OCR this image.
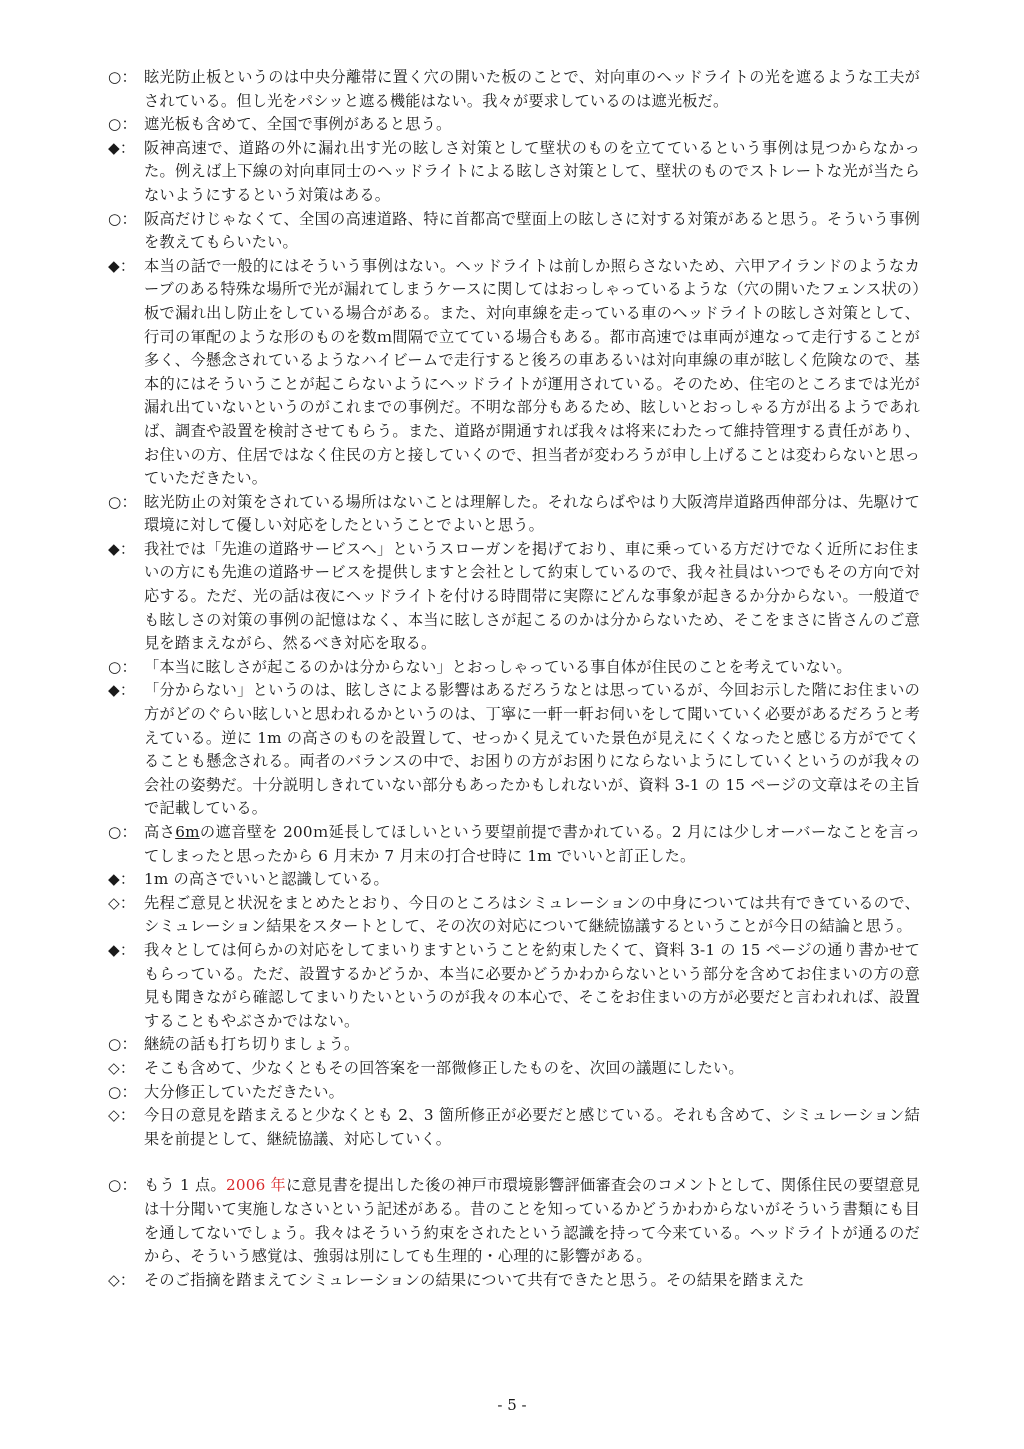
○： 眩光防止板というのは中央分離帯に置く穴の開いた板のことで、対向車のヘッドライトの光を遮るような工夫がされている。但し光をパシッと遮る機能はない。我々が要求しているのは遮光板だ。
○： 遮光板も含めて、全国で事例があると思う。
◆： 阪神高速で、道路の外に漏れ出す光の眩しさ対策として壁状のものを立てているという事例は見つからなかった。例えば上下線の対向車同士のヘッドライトによる眩しさ対策として、壁状のものでストレートな光が当たらないようにするという対策はある。
○： 阪高だけじゃなくて、全国の高速道路、特に首都高で壁面上の眩しさに対する対策があると思う。そういう事例を教えてもらいたい。
◆： 本当の話で一般的にはそういう事例はない。ヘッドライトは前しか照らさないため、六甲アイランドのようなカーブのある特殊な場所で光が漏れてしまうケースに関してはおっしゃっているような（穴の開いたフェンス状の）板で漏れ出し防止をしている場合がある。また、対向車線を走っている車のヘッドライトの眩しさ対策として、行司の軍配のような形のものを数ｍ間隔で立てている場合もある。都市高速では車両が連なって走行することが多く、今懸念されているようなハイビームで走行すると後ろの車あるいは対向車線の車が眩しく危険なので、基本的にはそういうことが起こらないようにヘッドライトが運用されている。そのため、住宅のところまでは光が漏れ出ていないというのがこれまでの事例だ。不明な部分もあるため、眩しいとおっしゃる方が出るようであれば、調査や設置を検討させてもらう。また、道路が開通すれば我々は将来にわたって維持管理する責任があり、お住いの方、住居ではなく住民の方と接していくので、担当者が変わろうが申し上げることは変わらないと思っていただきたい。
○： 眩光防止の対策をされている場所はないことは理解した。それならばやはり大阪湾岸道路西伸部分は、先駆けて環境に対して優しい対応をしたということでよいと思う。
◆： 我社では「先進の道路サービスへ」というスローガンを掲げており、車に乗っている方だけでなく近所にお住まいの方にも先進の道路サービスを提供しますと会社として約束しているので、我々社員はいつでもその方向で対応する。ただ、光の話は夜にヘッドライトを付ける時間帯に実際にどんな事象が起きるか分からない。一般道でも眩しさの対策の事例の記憶はなく、本当に眩しさが起こるのかは分からないため、そこをまさに皆さんのご意見を踏まえながら、然るべき対応を取る。
○： 「本当に眩しさが起こるのかは分からない」とおっしゃっている事自体が住民のことを考えていない。
◆： 「分からない」というのは、眩しさによる影響はあるだろうなとは思っているが、今回お示した階にお住まいの方がどのぐらい眩しいと思われるかというのは、丁寧に一軒一軒お伺いをして聞いていく必要があるだろうと考えている。逆に 1m の高さのものを設置して、せっかく見えていた景色が見えにくくなったと感じる方がでてくることも懸念される。両者のバランスの中で、お困りの方がお困りにならないようにしていくというのが我々の会社の姿勢だ。十分説明しきれていない部分もあったかもしれないが、資料 3-1 の 15 ページの文章はその主旨で記載している。
○： 高さ6mの遮音壁を 200ｍ延長してほしいという要望前提で書かれている。2 月には少しオーバーなことを言ってしまったと思ったから 6 月末か 7 月末の打合せ時に 1m でいいと訂正した。
◆： 1m の高さでいいと認識している。
◇： 先程ご意見と状況をまとめたとおり、今日のところはシミュレーションの中身については共有できているので、シミュレーション結果をスタートとして、その次の対応について継続協議するということが今日の結論と思う。
◆： 我々としては何らかの対応をしてまいりますということを約束したくて、資料 3-1 の 15 ページの通り書かせてもらっている。ただ、設置するかどうか、本当に必要かどうかわからないという部分を含めてお住まいの方の意見も聞きながら確認してまいりたいというのが我々の本心で、そこをお住まいの方が必要だと言われれば、設置することもやぶさかではない。
○： 継続の話も打ち切りましょう。
◇： そこも含めて、少なくともその回答案を一部微修正したものを、次回の議題にしたい。
○： 大分修正していただきたい。
◇： 今日の意見を踏まえると少なくとも 2、3 箇所修正が必要だと感じている。それも含めて、シミュレーション結果を前提として、継続協議、対応していく。
○： もう 1 点。2006 年に意見書を提出した後の神戸市環境影響評価審査会のコメントとして、関係住民の要望意見は十分聞いて実施しなさいという記述がある。昔のことを知っているかどうかわからないがそういう書類にも目を通してないでしょう。我々はそういう約束をされたという認識を持って今来ている。ヘッドライトが通るのだから、そういう感覚は、強弱は別にしても生理的・心理的に影響がある。
◇： そのご指摘を踏まえてシミュレーションの結果について共有できたと思う。その結果を踏まえた
- 5 -
